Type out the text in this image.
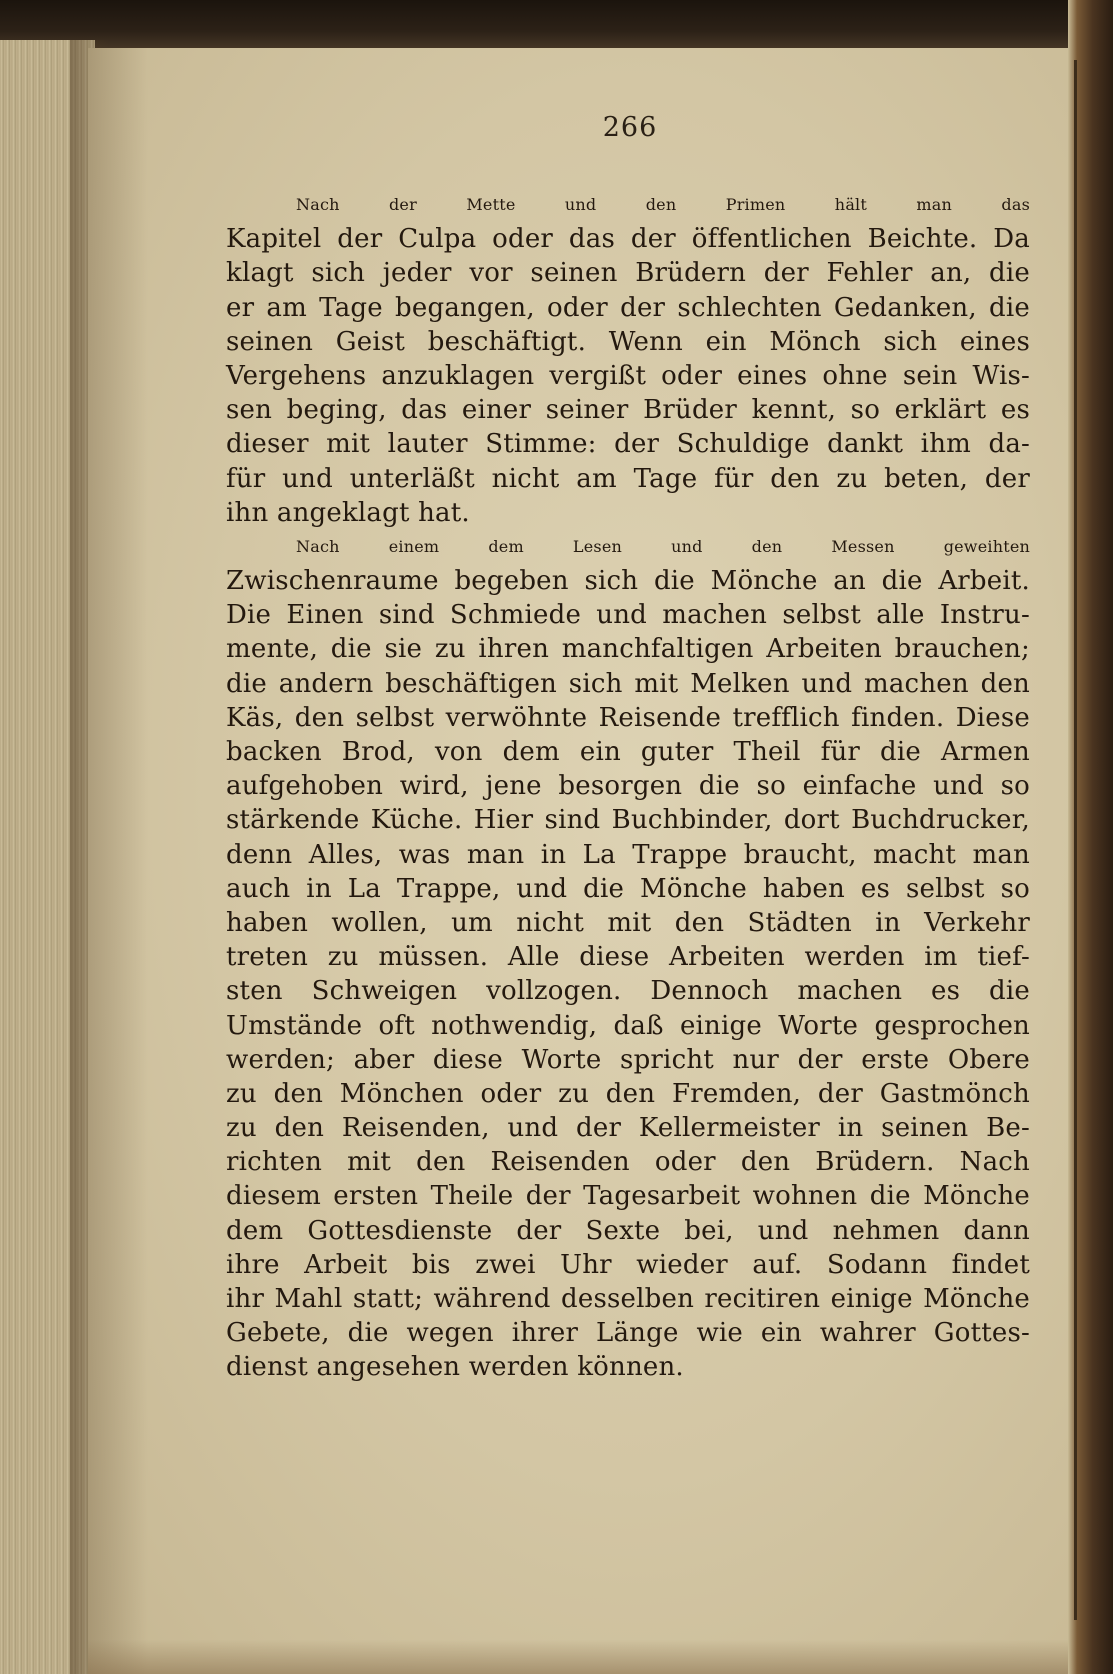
266
Nach der Mette und den Primen hält man das
Kapitel der Culpa oder das der öffentlichen Beichte. Da
klagt sich jeder vor seinen Brüdern der Fehler an, die
er am Tage begangen, oder der schlechten Gedanken, die
seinen Geist beschäftigt. Wenn ein Mönch sich eines
Vergehens anzuklagen vergißt oder eines ohne sein Wis-
sen beging, das einer seiner Brüder kennt, so erklärt es
dieser mit lauter Stimme: der Schuldige dankt ihm da-
für und unterläßt nicht am Tage für den zu beten, der
ihn angeklagt hat.
Nach einem dem Lesen und den Messen geweihten
Zwischenraume begeben sich die Mönche an die Arbeit.
Die Einen sind Schmiede und machen selbst alle Instru-
mente, die sie zu ihren manchfaltigen Arbeiten brauchen;
die andern beschäftigen sich mit Melken und machen den
Käs, den selbst verwöhnte Reisende trefflich finden. Diese
backen Brod, von dem ein guter Theil für die Armen
aufgehoben wird, jene besorgen die so einfache und so
stärkende Küche. Hier sind Buchbinder, dort Buchdrucker,
denn Alles, was man in La Trappe braucht, macht man
auch in La Trappe, und die Mönche haben es selbst so
haben wollen, um nicht mit den Städten in Verkehr
treten zu müssen. Alle diese Arbeiten werden im tief-
sten Schweigen vollzogen. Dennoch machen es die
Umstände oft nothwendig, daß einige Worte gesprochen
werden; aber diese Worte spricht nur der erste Obere
zu den Mönchen oder zu den Fremden, der Gastmönch
zu den Reisenden, und der Kellermeister in seinen Be-
richten mit den Reisenden oder den Brüdern. Nach
diesem ersten Theile der Tagesarbeit wohnen die Mönche
dem Gottesdienste der Sexte bei, und nehmen dann
ihre Arbeit bis zwei Uhr wieder auf. Sodann findet
ihr Mahl statt; während desselben recitiren einige Mönche
Gebete, die wegen ihrer Länge wie ein wahrer Gottes-
dienst angesehen werden können.
